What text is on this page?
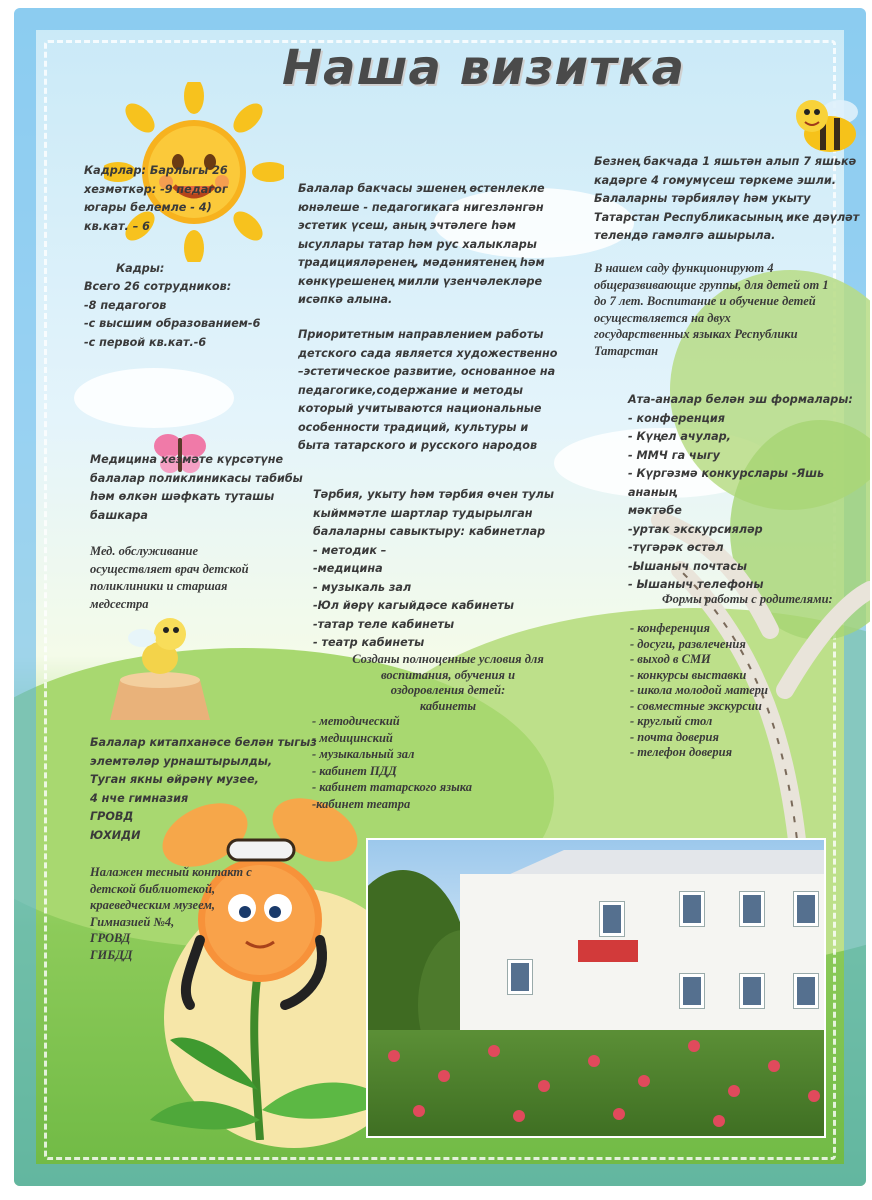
Наша визитка
Кадрлар: Барлыгы 26
хезмәткәр: -9 педагог
югары белемле - 4)
кв.кат. – 6
Кадры:
Всего 26 сотрудников:
-8 педагогов
-с высшим образованием-6
-с первой кв.кат.-6
Медицина хезмәте күрсәтүне
балалар поликлиникасы табибы
һәм өлкән шәфкать туташы
башкара
Мед. обслуживание
осуществляет врач детской
поликлиники и старшая
медсестра
Балалар китапханәсе белән тыгыз
элемтәләр урнаштырылды,
Туган якны өйрәнү музее,
4 нче гимназия
ГРОВД
ЮХИДИ
Налажен тесный контакт с
детской библиотекой,
краеведческим музеем,
Гимназией №4,
ГРОВД
ГИБДД
Балалар бакчасы эшенең өстенлекле
юнәлеше - педагогикага нигезләнгән
эстетик үсеш, аның эчтәлеге һәм
ысуллары татар һәм рус халыклары
традицияләренең, мәдәниятенең һәм
көнкүрешенең милли үзенчәлекләре
исәпкә алына.
Приоритетным направлением работы
детского сада является художественно
–эстетическое развитие, основанное на
педагогике,содержание и методы
который учитываются национальные
особенности традиций, культуры и
быта татарского и русского народов
Тәрбия, укыту һәм тәрбия өчен тулы
кыйммәтле шартлар тудырылган
балаларны савыктыру: кабинетлар
- методик –
-медицина
- музыкаль зал
-Юл йөрү кагыйдәсе кабинеты
-татар теле кабинеты
- театр кабинеты
Созданы полноценные условия для
воспитания, обучения и
оздоровления детей:
кабинеты
- методический
- медицинский
- музыкальный зал
- кабинет ПДД
- кабинет татарского языка
-кабинет театра
Безнең бакчада 1 яшьтән алып 7 яшькә
кадәрге 4 гомумүсеш төркеме эшли.
Балаларны тәрбияләү һәм укыту
Татарстан Республикасының ике дәүләт
телендә гамәлгә ашырыла.
В нашем саду функционируют 4
общеразвивающие группы, для детей от 1
до 7 лет. Воспитание и обучение детей
осуществляется на двух
государственных языках Республики
Татарстан
Ата-аналар белән эш формалары:
- конференция
- Күңел ачулар,
- ММЧ га чыгу
- Күргәзмә конкурслары -Яшь ананың
мәктәбе
-уртак экскурсияләр
-түгәрәк өстәл
-Ышаныч почтасы
- Ышаныч телефоны
Формы работы с родителями:
- конференция
- досуги, развлечения
- выход в СМИ
- конкурсы выставки
- школа молодой матери
- совместные экскурсии
- круглый стол
- почта доверия
- телефон доверия
